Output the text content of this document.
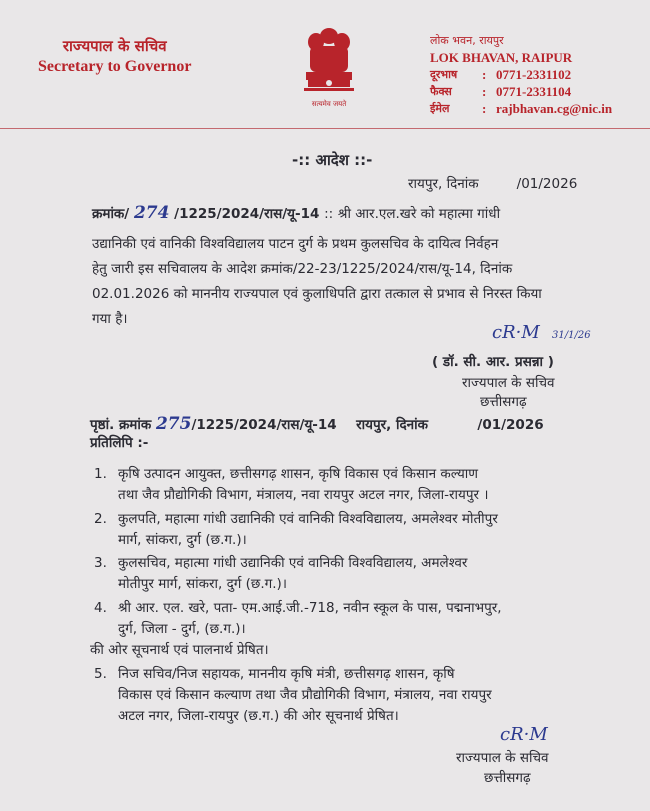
राज्यपाल के सचिव
Secretary to Governor
सत्यमेव जयते
लोक भवन, रायपुर
LOK BHAVAN, RAIPUR
दूरभाष	: 0771-2331102
फैक्स	: 0771-2331104
ईमेल	: rajbhavan.cg@nic.in
-:: आदेश ::-
रायपुर, दिनांक	/01/2026
क्रमांक/ 274 /1225/2024/रास/यू-14 :: श्री आर.एल.खरे को महात्मा गांधी

उद्यानिकी एवं वानिकी विश्वविद्यालय पाटन दुर्ग के प्रथम कुलसचिव के दायित्व निर्वहन

हेतु जारी इस सचिवालय के आदेश क्रमांक/22-23/1225/2024/रास/यू-14, दिनांक

02.01.2026 को माननीय राज्यपाल एवं कुलाधिपति द्वारा तत्काल से प्रभाव से निरस्त किया

गया है।

cR·M 31/1/26
( डॉ. सी. आर. प्रसन्ना )
राज्यपाल के सचिव
छत्तीसगढ़
पृष्ठां. क्रमांक 275/1225/2024/रास/यू-14 रायपुर, दिनांक	/01/2026
प्रतिलिपि :-
1. कृषि उत्पादन आयुक्त, छत्तीसगढ़ शासन, कृषि विकास एवं किसान कल्याण

तथा जैव प्रौद्योगिकी विभाग, मंत्रालय, नवा रायपुर अटल नगर, जिला-रायपुर ।

2. कुलपति, महात्मा गांधी उद्यानिकी एवं वानिकी विश्वविद्यालय, अमलेश्वर मोतीपुर

मार्ग, सांकरा, दुर्ग (छ.ग.)।

3. कुलसचिव, महात्मा गांधी उद्यानिकी एवं वानिकी विश्वविद्यालय, अमलेश्वर

मोतीपुर मार्ग, सांकरा, दुर्ग (छ.ग.)।

4. श्री आर. एल. खरे, पता- एम.आई.जी.-718, नवीन स्कूल के पास, पद्मनाभपुर,

दुर्ग, जिला - दुर्ग, (छ.ग.)।

की ओर सूचनार्थ एवं पालनार्थ प्रेषित।
5. निज सचिव/निज सहायक, माननीय कृषि मंत्री, छत्तीसगढ़ शासन, कृषि

विकास एवं किसान कल्याण तथा जैव प्रौद्योगिकी विभाग, मंत्रालय, नवा रायपुर

अटल नगर, जिला-रायपुर (छ.ग.) की ओर सूचनार्थ प्रेषित।

cR·M
राज्यपाल के सचिव
छत्तीसगढ़
